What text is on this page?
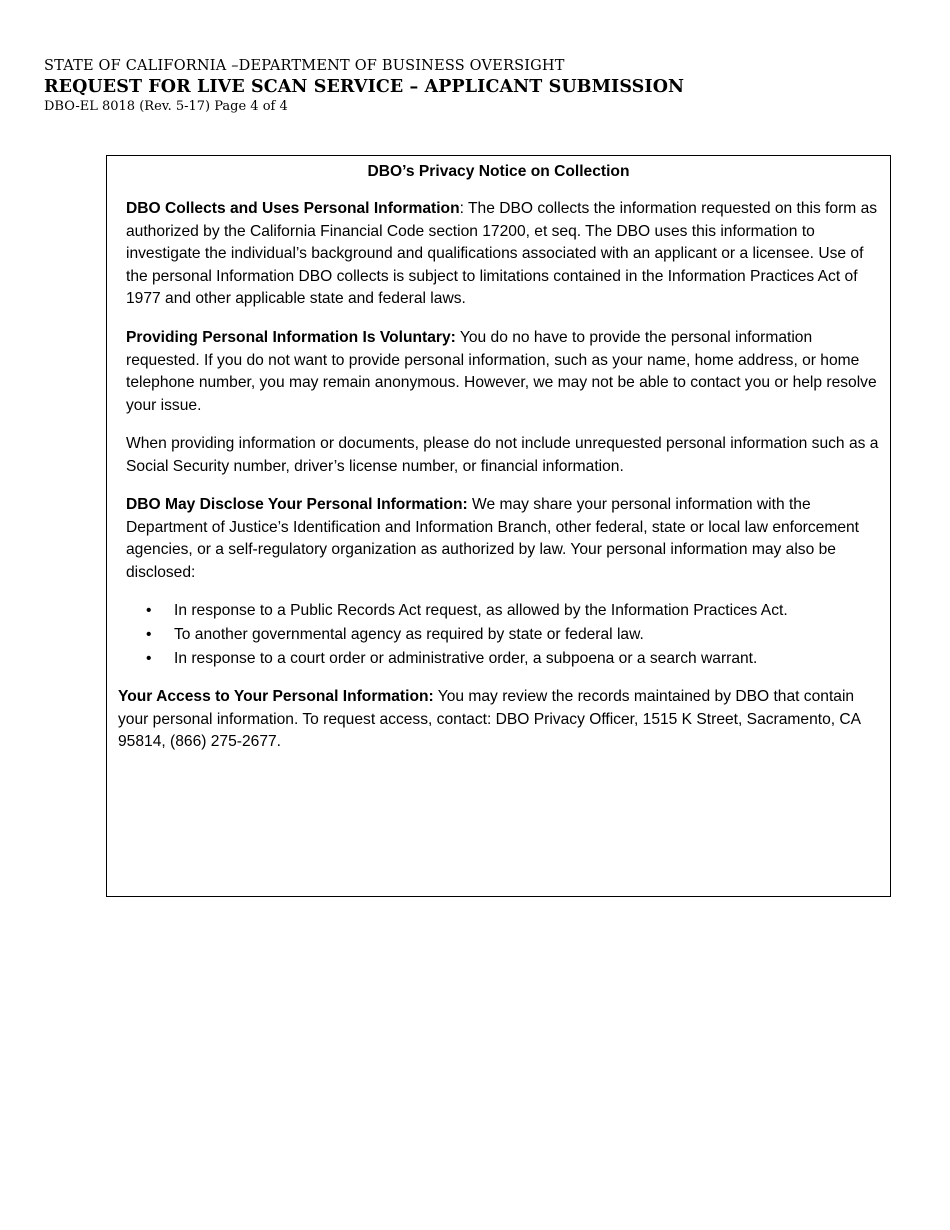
STATE OF CALIFORNIA –DEPARTMENT OF BUSINESS OVERSIGHT
REQUEST FOR LIVE SCAN SERVICE – APPLICANT SUBMISSION
DBO-EL 8018 (Rev. 5-17) Page 4 of 4
DBO’s Privacy Notice on Collection

DBO Collects and Uses Personal Information: The DBO collects the information requested on this form as authorized by the California Financial Code section 17200, et seq. The DBO uses this information to investigate the individual’s background and qualifications associated with an applicant or a licensee. Use of the personal Information DBO collects is subject to limitations contained in the Information Practices Act of 1977 and other applicable state and federal laws.

Providing Personal Information Is Voluntary: You do no have to provide the personal information requested. If you do not want to provide personal information, such as your name, home address, or home telephone number, you may remain anonymous. However, we may not be able to contact you or help resolve your issue.

When providing information or documents, please do not include unrequested personal information such as a Social Security number, driver’s license number, or financial information.

DBO May Disclose Your Personal Information: We may share your personal information with the Department of Justice’s Identification and Information Branch, other federal, state or local law enforcement agencies, or a self-regulatory organization as authorized by law. Your personal information may also be disclosed:

• In response to a Public Records Act request, as allowed by the Information Practices Act.
• To another governmental agency as required by state or federal law.
• In response to a court order or administrative order, a subpoena or a search warrant.

Your Access to Your Personal Information: You may review the records maintained by DBO that contain your personal information. To request access, contact: DBO Privacy Officer, 1515 K Street, Sacramento, CA 95814, (866) 275-2677.
